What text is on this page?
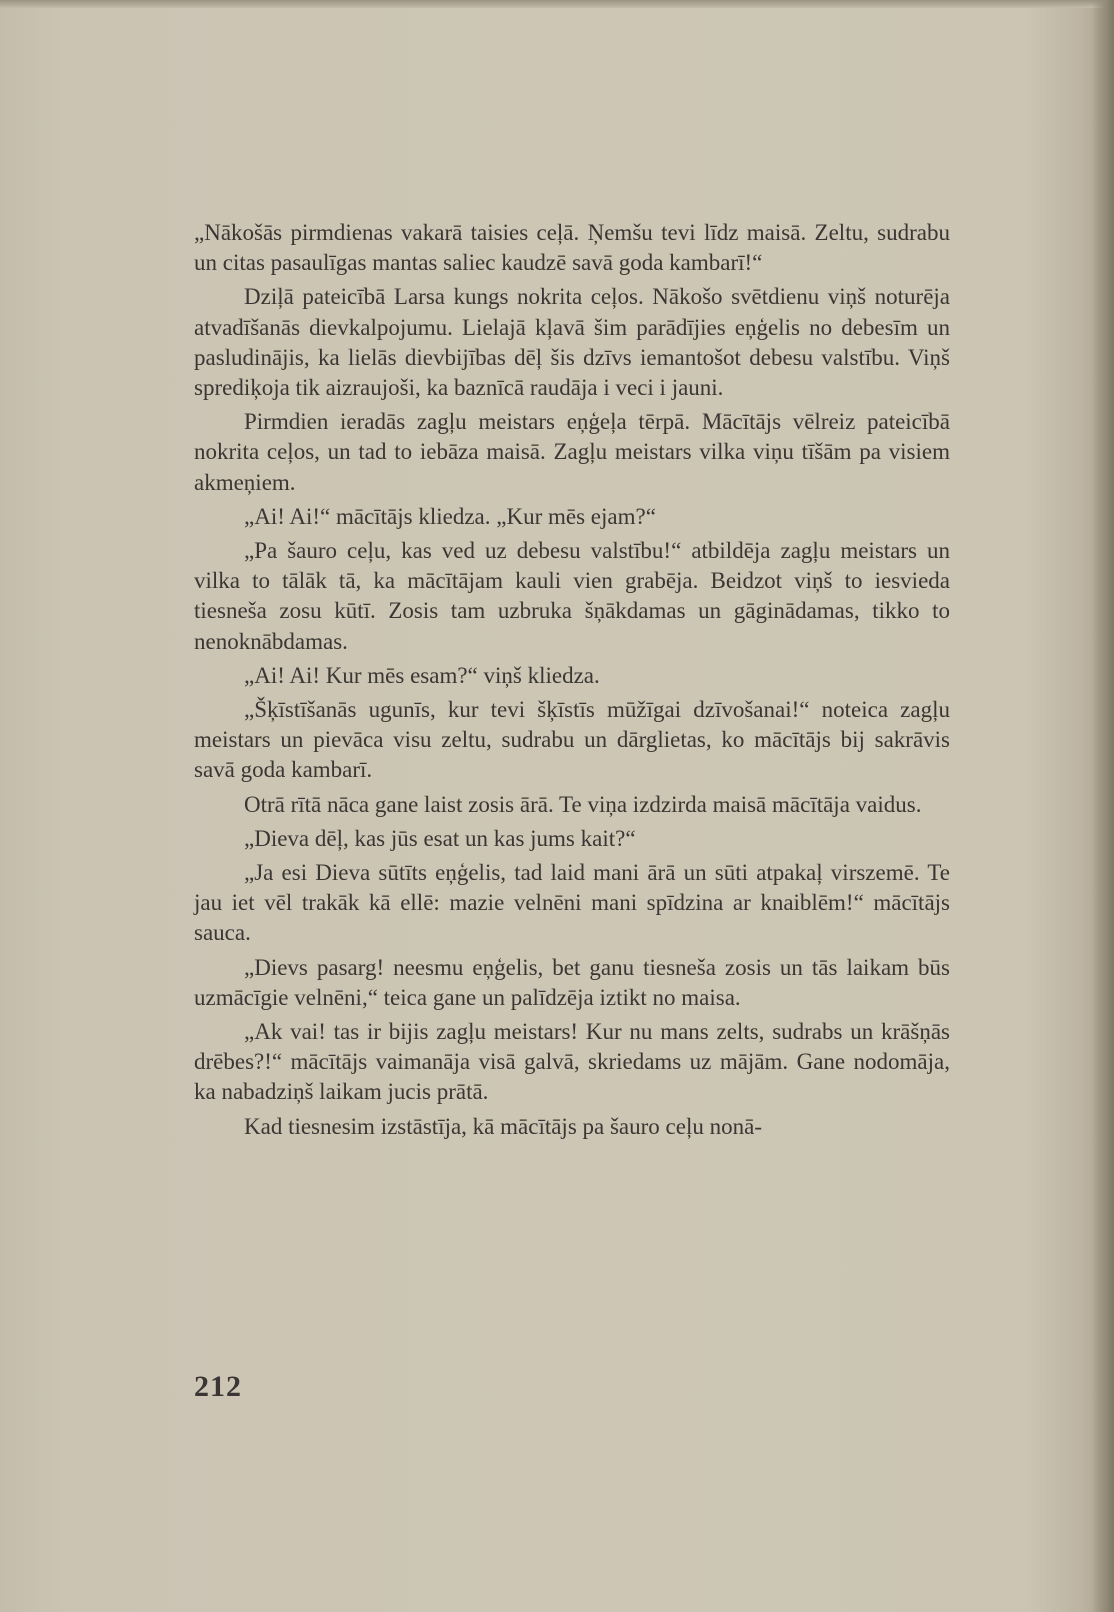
„Nākošās pirmdienas vakarā taisies ceļā. Ņemšu tevi līdz maisā. Zeltu, sudrabu un citas pasaulīgas mantas saliec kaudzē savā goda kambarī!“

Dziļā pateicībā Larsa kungs nokrita ceļos. Nākošo svētdienu viņš noturēja atvadīšanās dievkalpojumu. Lielajā kļavā šim parādījies eņģelis no debesīm un pasludinājis, ka lielās dievbijības dēļ šis dzīvs iemantošot debesu valstību. Viņš sprediķoja tik aizraujoši, ka baznīcā raudāja i veci i jauni.

Pirmdien ieradās zagļu meistars eņģeļa tērpā. Mācītājs vēlreiz pateicībā nokrita ceļos, un tad to iebāza maisā. Zagļu meistars vilka viņu tīšām pa visiem akmeņiem.

„Ai! Ai!“ mācītājs kliedza. „Kur mēs ejam?“

„Pa šauro ceļu, kas ved uz debesu valstību!“ atbildēja zagļu meistars un vilka to tālāk tā, ka mācītājam kauli vien grabēja. Beidzot viņš to iesvieda tiesneša zosu kūtī. Zosis tam uzbruka šņākdamas un gāginādamas, tikko to nenoknābdamas.

„Ai! Ai! Kur mēs esam?“ viņš kliedza.

„Šķīstīšanās ugunīs, kur tevi šķīstīs mūžīgai dzīvošanai!“ noteica zagļu meistars un pievāca visu zeltu, sudrabu un dārglietas, ko mācītājs bij sakrāvis savā goda kambarī.

Otrā rītā nāca gane laist zosis ārā. Te viņa izdzirda maisā mācītāja vaidus.

„Dieva dēļ, kas jūs esat un kas jums kait?“

„Ja esi Dieva sūtīts eņģelis, tad laid mani ārā un sūti atpakaļ virszemē. Te jau iet vēl trakāk kā ellē: mazie velnēni mani spīdzina ar knaiblēm!“ mācītājs sauca.

„Dievs pasarg! neesmu eņģelis, bet ganu tiesneša zosis un tās laikam būs uzmācīgie velnēni,“ teica gane un palīdzēja iztikt no maisa.

„Ak vai! tas ir bijis zagļu meistars! Kur nu mans zelts, sudrabs un krāšņās drēbes?!“ mācītājs vaimanāja visā galvā, skriedams uz mājām. Gane nodomāja, ka nabadziņš laikam jucis prātā.

Kad tiesnesim izstāstīja, kā mācītājs pa šauro ceļu nonā-

212
